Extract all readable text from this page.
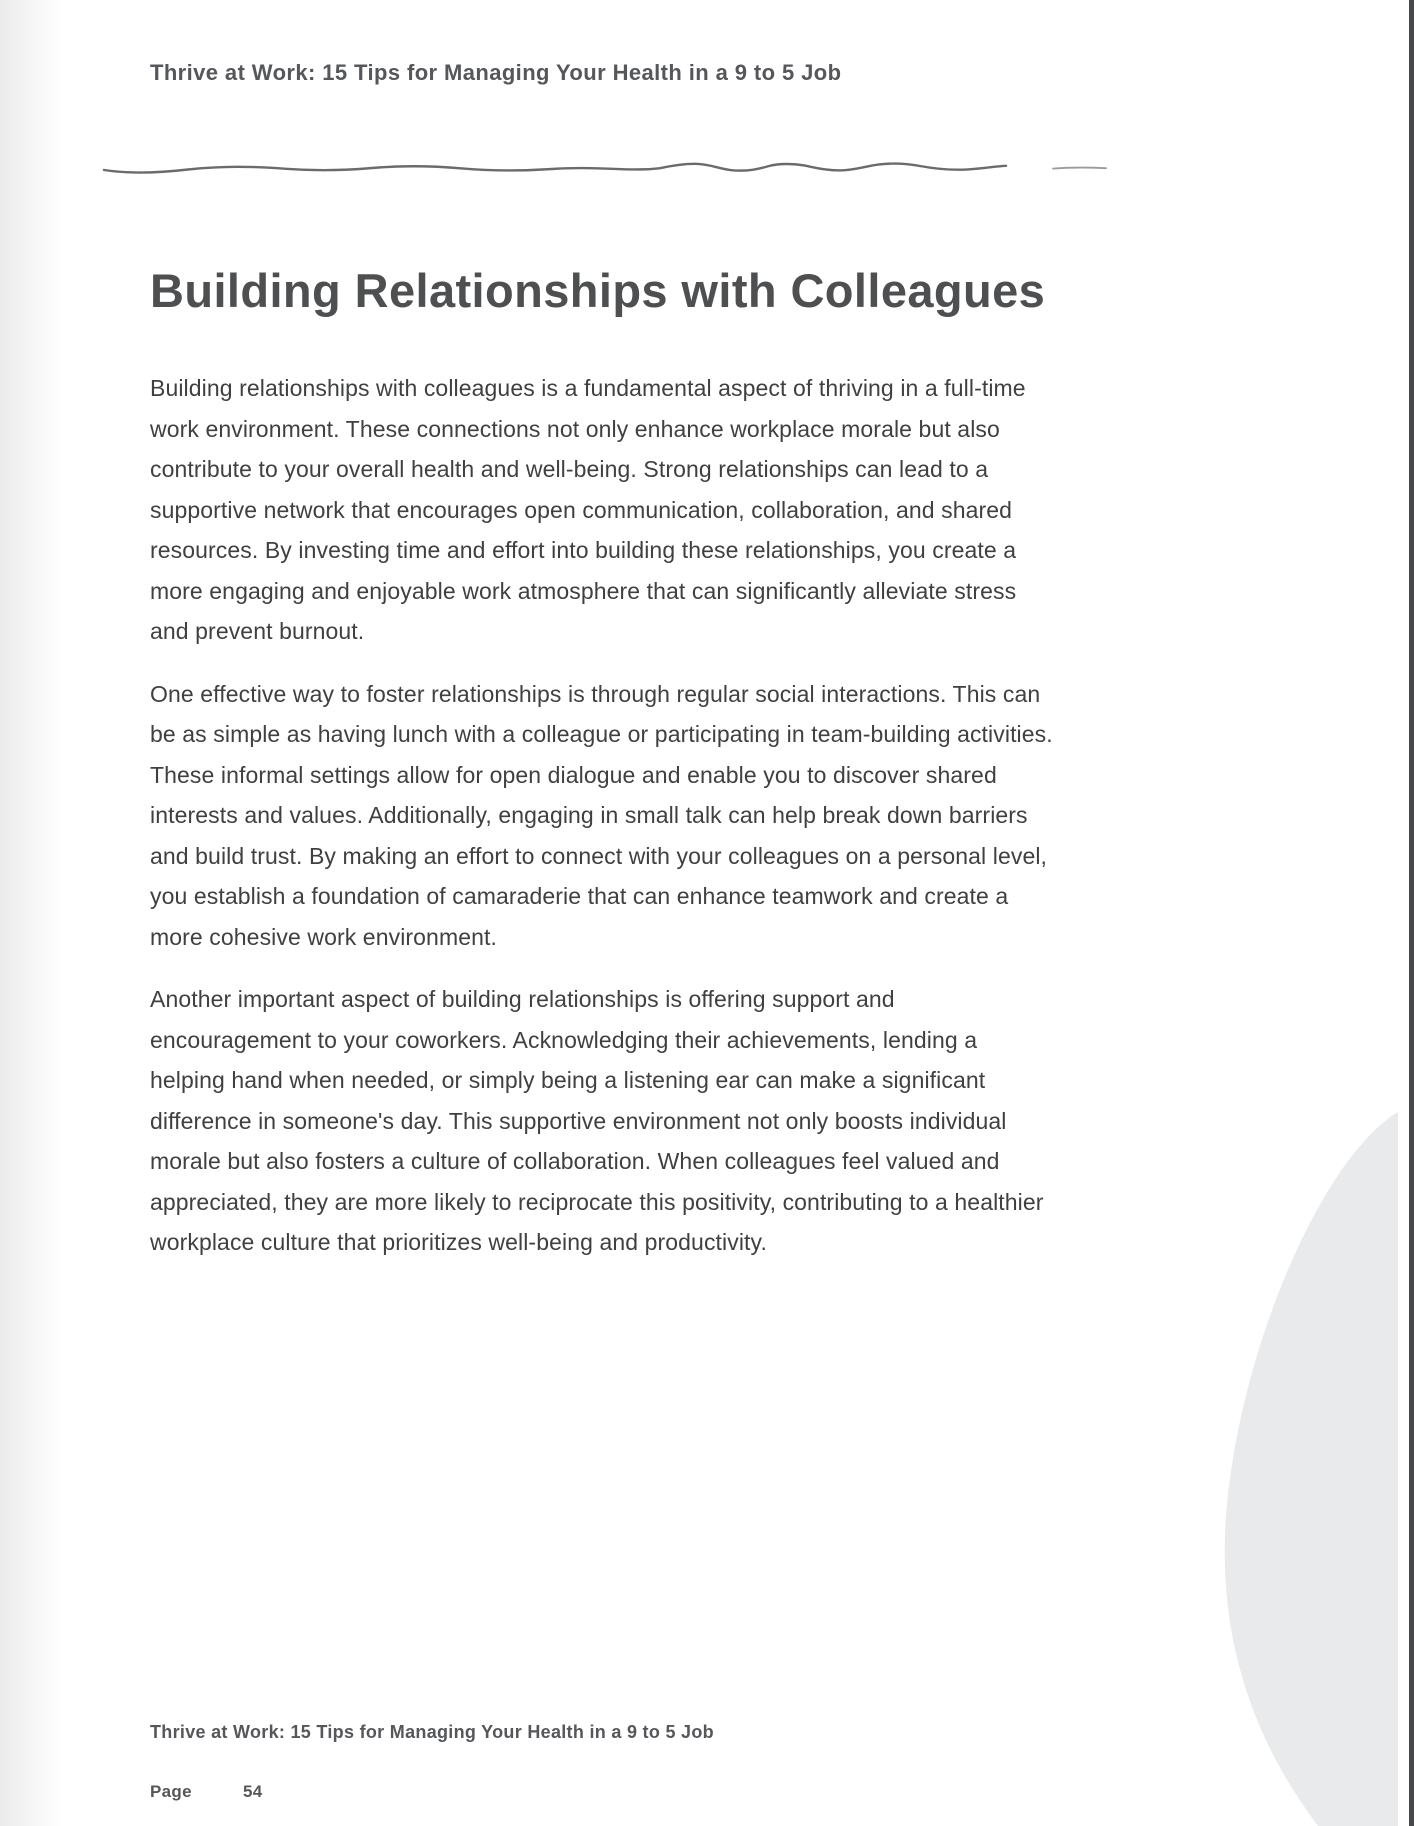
Thrive at Work: 15 Tips for Managing Your Health in a 9 to 5 Job
Building Relationships with Colleagues

Building relationships with colleagues is a fundamental aspect of thriving in a full-time work environment. These connections not only enhance workplace morale but also contribute to your overall health and well-being. Strong relationships can lead to a supportive network that encourages open communication, collaboration, and shared resources. By investing time and effort into building these relationships, you create a more engaging and enjoyable work atmosphere that can significantly alleviate stress and prevent burnout.

One effective way to foster relationships is through regular social interactions. This can be as simple as having lunch with a colleague or participating in team-building activities. These informal settings allow for open dialogue and enable you to discover shared interests and values. Additionally, engaging in small talk can help break down barriers and build trust. By making an effort to connect with your colleagues on a personal level, you establish a foundation of camaraderie that can enhance teamwork and create a more cohesive work environment.

Another important aspect of building relationships is offering support and encouragement to your coworkers. Acknowledging their achievements, lending a helping hand when needed, or simply being a listening ear can make a significant difference in someone's day. This supportive environment not only boosts individual morale but also fosters a culture of collaboration. When colleagues feel valued and appreciated, they are more likely to reciprocate this positivity, contributing to a healthier workplace culture that prioritizes well-being and productivity.

Thrive at Work: 15 Tips for Managing Your Health in a 9 to 5 Job
Page	54
